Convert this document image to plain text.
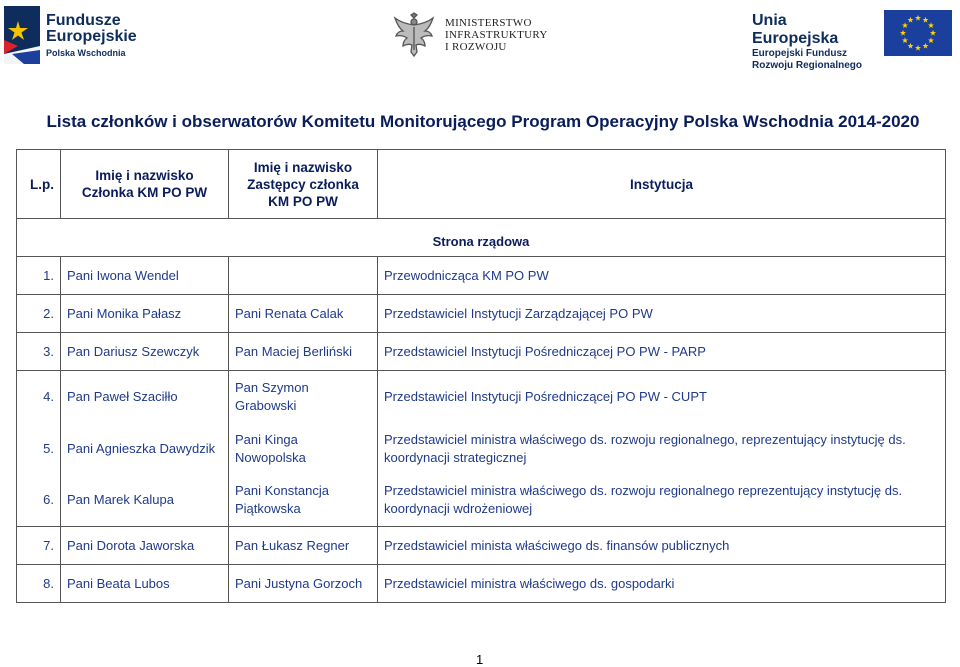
Fundusze
Europejskie
Polska Wschodnia
MINISTERSTWO
INFRASTRUKTURY
I ROZWOJU
Unia Europejska
Europejski Fundusz
Rozwoju Regionalnego
Lista członków i obserwatorów Komitetu Monitorującego Program Operacyjny Polska Wschodnia 2014-2020
L.p.	Imię i nazwisko Członka KM PO PW	Imię i nazwisko Zastępcy członka KM PO PW	Instytucja
Strona rządowa			
1.	Pani Iwona Wendel		Przewodnicząca KM PO PW
2.	Pani Monika Pałasz	Pani Renata Calak	Przedstawiciel Instytucji Zarządzającej PO PW
3.	Pan Dariusz Szewczyk	Pan Maciej Berliński	Przedstawiciel Instytucji Pośredniczącej PO PW - PARP
4.	Pan Paweł Szaciłło	Pan Szymon Grabowski	Przedstawiciel Instytucji Pośredniczącej PO PW - CUPT
5.	Pani Agnieszka Dawydzik	Pani Kinga Nowopolska	Przedstawiciel ministra właściwego ds. rozwoju regionalnego, reprezentujący instytucję ds. koordynacji strategicznej
6.	Pan Marek Kalupa	Pani Konstancja Piątkowska	Przedstawiciel ministra właściwego ds. rozwoju regionalnego reprezentujący instytucję ds. koordynacji wdrożeniowej
7.	Pani Dorota Jaworska	Pan Łukasz Regner	Przedstawiciel minista właściwego ds. finansów publicznych
8.	Pani Beata Lubos	Pani Justyna Gorzoch	Przedstawiciel ministra właściwego ds. gospodarki
1
